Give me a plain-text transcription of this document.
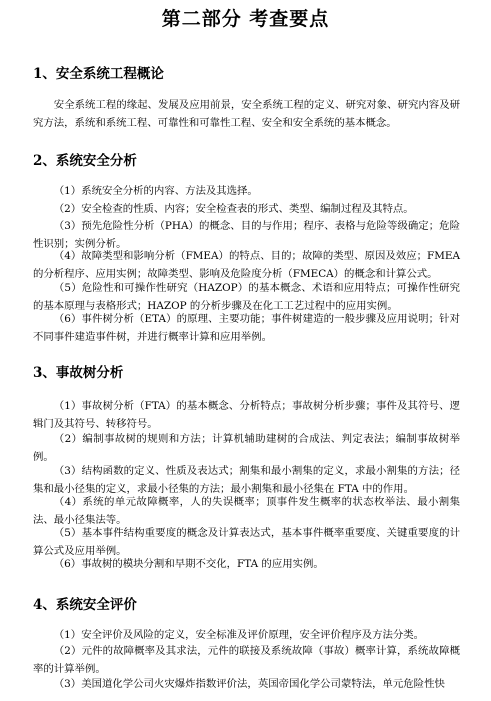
第二部分 考查要点
1、安全系统工程概论

安全系统工程的缘起、发展及应用前景，安全系统工程的定义、研究对象、研究内容及研究方法，系统和系统工程、可靠性和可靠性工程、安全和安全系统的基本概念。

2、系统安全分析

（1）系统安全分析的内容、方法及其选择。

（2）安全检查的性质、内容；安全检查表的形式、类型、编制过程及其特点。

（3）预先危险性分析（PHA）的概念、目的与作用；程序、表格与危险等级确定；危险性识别；实例分析。

（4）故障类型和影响分析（FMEA）的特点、目的；故障的类型、原因及效应；FMEA 的分析程序、应用实例；故障类型、影响及危险度分析（FMECA）的概念和计算公式。

（5）危险性和可操作性研究（HAZOP）的基本概念、术语和应用特点；可操作性研究的基本原理与表格形式；HAZOP 的分析步骤及在化工工艺过程中的应用实例。

（6）事件树分析（ETA）的原理、主要功能；事件树建造的一般步骤及应用说明；针对不同事件建造事件树，并进行概率计算和应用举例。

3、事故树分析

（1）事故树分析（FTA）的基本概念、分析特点；事故树分析步骤；事件及其符号、逻辑门及其符号、转移符号。

（2）编制事故树的规则和方法；计算机辅助建树的合成法、判定表法；编制事故树举例。

（3）结构函数的定义、性质及表达式；割集和最小割集的定义，求最小割集的方法；径集和最小径集的定义，求最小径集的方法；最小割集和最小径集在 FTA 中的作用。

（4）系统的单元故障概率，人的失误概率；顶事件发生概率的状态枚举法、最小割集法、最小径集法等。

（5）基本事件结构重要度的概念及计算表达式，基本事件概率重要度、关键重要度的计算公式及应用举例。

（6）事故树的模块分割和早期不交化，FTA 的应用实例。

4、系统安全评价

（1）安全评价及风险的定义，安全标准及评价原理，安全评价程序及方法分类。

（2）元件的故障概率及其求法，元件的联接及系统故障（事故）概率计算，系统故障概率的计算举例。

（3）美国道化学公司火灾爆炸指数评价法，英国帝国化学公司蒙特法，单元危险性快
